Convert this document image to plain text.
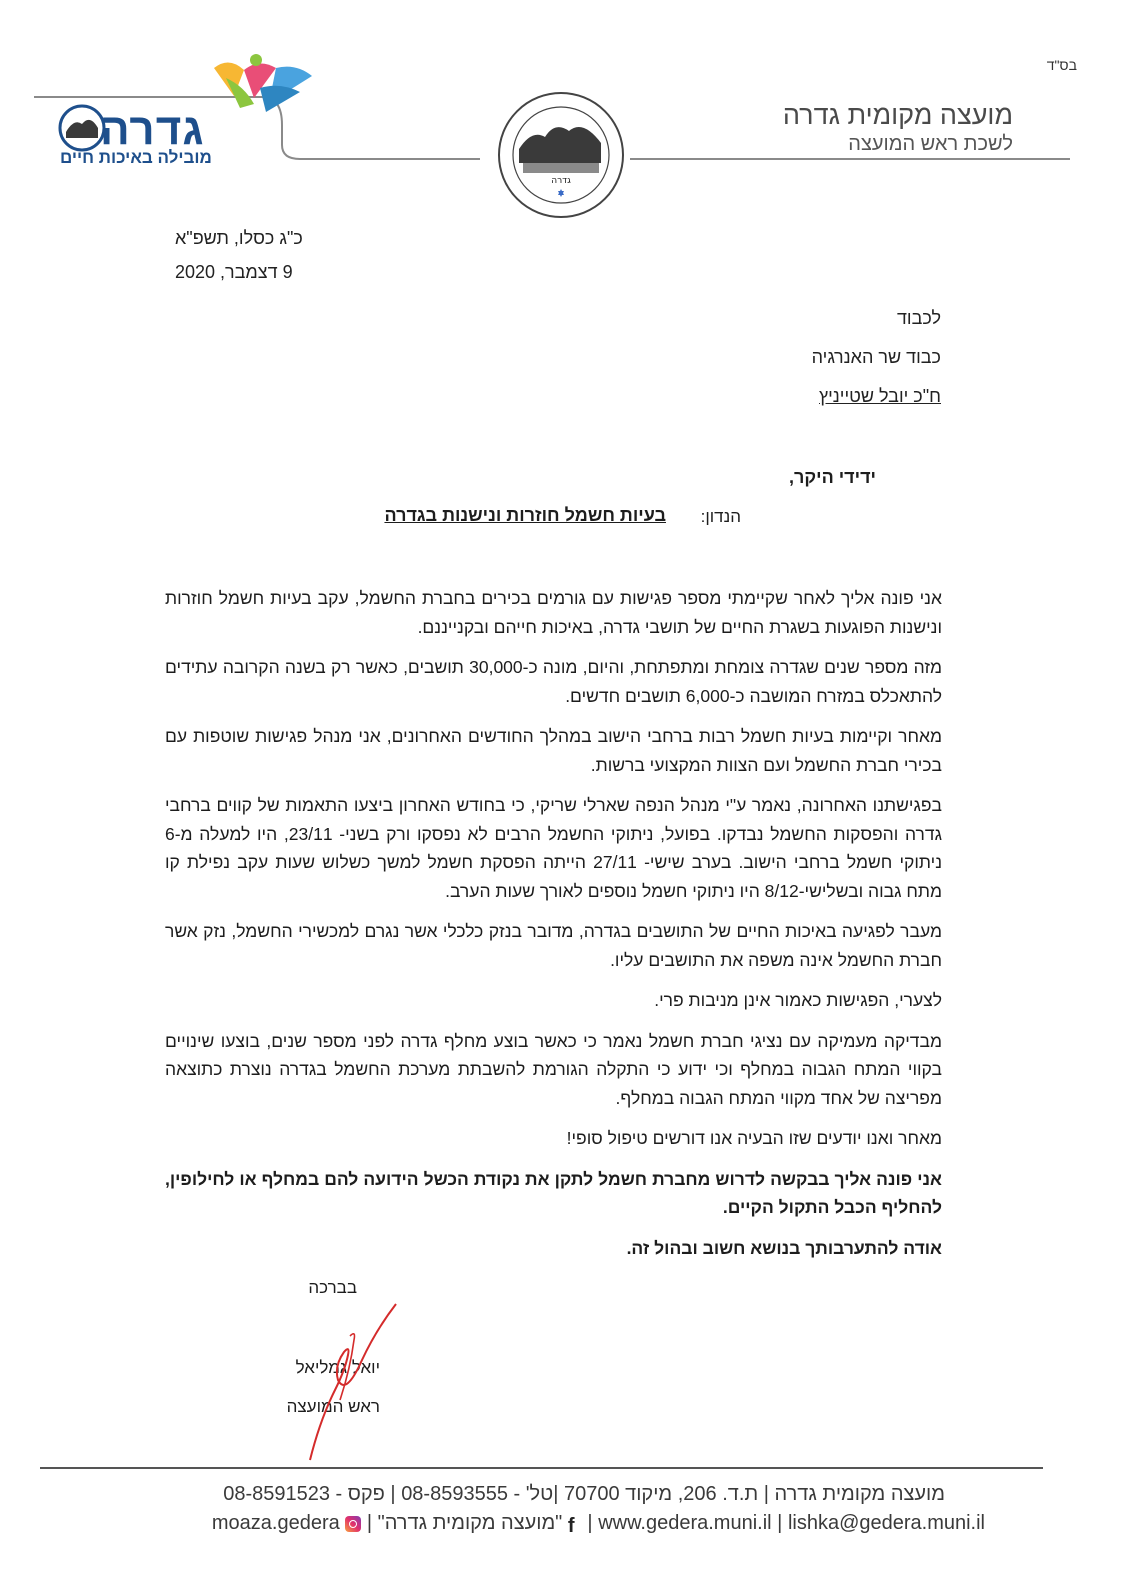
בס"ד
מועצה מקומית גדרה
לשכת ראש המועצה
גדרה
גדרה
מובילה באיכות חיים
כ"ג כסלו, תשפ"א
9 דצמבר, 2020
לכבוד
כבוד שר האנרגיה
ח"כ יובל שטייניץ
ידידי היקר,
הנדון:
בעיות חשמל חוזרות ונישנות בגדרה

אני פונה אליך לאחר שקיימתי מספר פגישות עם גורמים בכירים בחברת החשמל, עקב בעיות חשמל חוזרות ונישנות הפוגעות בשגרת החיים של תושבי גדרה, באיכות חייהם ובקנייננם.

מזה מספר שנים שגדרה צומחת ומתפתחת, והיום, מונה כ-30,000 תושבים, כאשר רק בשנה הקרובה עתידים להתאכלס במזרח המושבה כ-6,000 תושבים חדשים.

מאחר וקיימות בעיות חשמל רבות ברחבי הישוב במהלך החודשים האחרונים, אני מנהל פגישות שוטפות עם בכירי חברת החשמל ועם הצוות המקצועי ברשות.

בפגישתנו האחרונה, נאמר ע"י מנהל הנפה שארלי שריקי, כי בחודש האחרון ביצעו התאמות של קווים ברחבי גדרה והפסקות החשמל נבדקו. בפועל, ניתוקי החשמל הרבים לא נפסקו ורק בשני- 23/11, היו למעלה מ-6 ניתוקי חשמל ברחבי הישוב. בערב שישי- 27/11 הייתה הפסקת חשמל למשך כשלוש שעות עקב נפילת קו מתח גבוה ובשלישי-8/12 היו ניתוקי חשמל נוספים לאורך שעות הערב.

מעבר לפגיעה באיכות החיים של התושבים בגדרה, מדובר בנזק כלכלי אשר נגרם למכשירי החשמל, נזק אשר חברת החשמל אינה משפה את התושבים עליו.

לצערי, הפגישות כאמור אינן מניבות פרי.

מבדיקה מעמיקה עם נציגי חברת חשמל נאמר כי כאשר בוצע מחלף גדרה לפני מספר שנים, בוצעו שינויים בקווי המתח הגבוה במחלף וכי ידוע כי התקלה הגורמת להשבתת מערכת החשמל בגדרה נוצרת כתוצאה מפריצה של אחד מקווי המתח הגבוה במחלף.

מאחר ואנו יודעים שזו הבעיה אנו דורשים טיפול סופי!

אני פונה אליך בבקשה לדרוש מחברת חשמל לתקן את נקודת הכשל הידועה להם במחלף או לחילופין, להחליף הכבל התקול הקיים.

אודה להתערבותך בנושא חשוב ובהול זה.

בברכה
יואל גמליאל
ראש המועצה
מועצה מקומית גדרה | ת.ד. 206, מיקוד 70700 |טל' - 08-8593555 | פקס - 08-8591523
moaza.gedera  | "מועצה מקומית גדרה" f | www.gedera.muni.il | lishka@gedera.muni.il
